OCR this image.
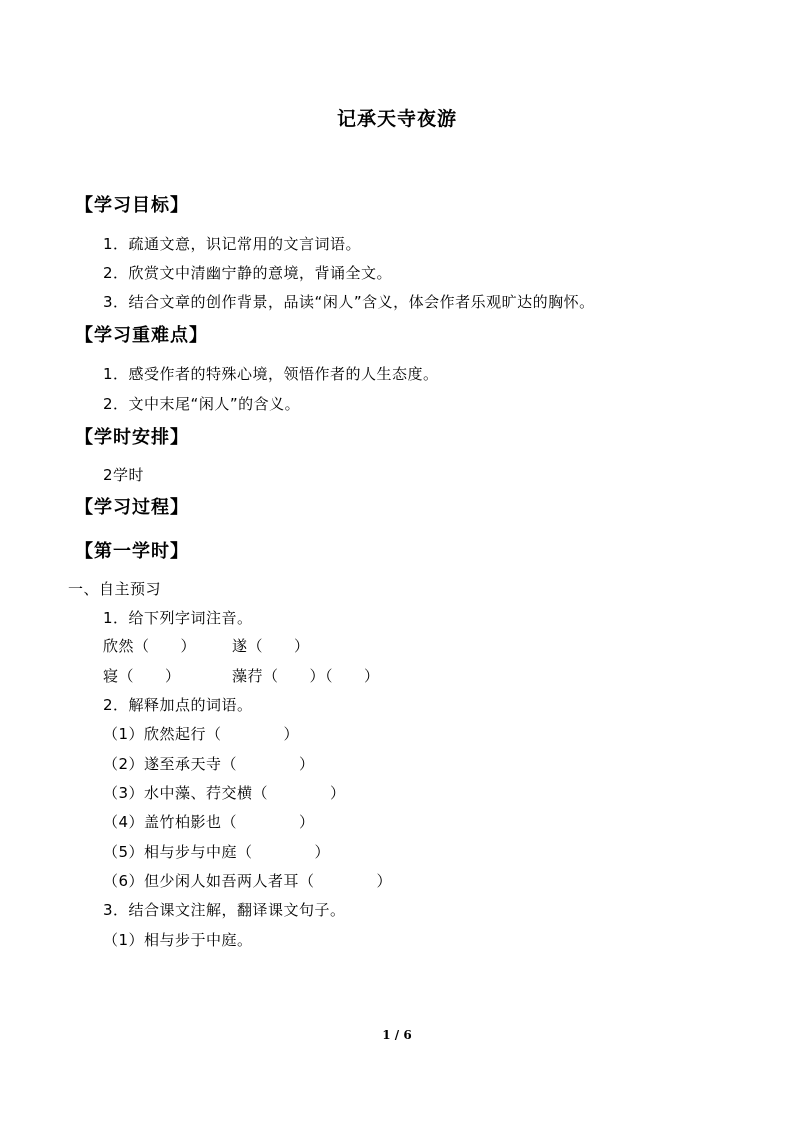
记承天寺夜游
【学习目标】
1．疏通文意，识记常用的文言词语。
2．欣赏文中清幽宁静的意境，背诵全文。
3．结合文章的创作背景，品读“闲人”含义，体会作者乐观旷达的胸怀。
【学习重难点】
1．感受作者的特殊心境，领悟作者的人生态度。
2．文中末尾“闲人”的含义。
【学时安排】
2学时
【学习过程】
【第一学时】
一、自主预习
1．给下列字词注音。
欣然（　　） 遂（　　）
寝（　　）	藻荇（　　）（　　）
2．解释加点的词语。
（1）欣然起行（　　　　）
（2）遂至承天寺（　　　　）
（3）水中藻、荇交横（　　　　）
（4）盖竹柏影也（　　　　）
（5）相与步与中庭（　　　　）
（6）但少闲人如吾两人者耳（　　　　）
3．结合课文注解，翻译课文句子。
（1）相与步于中庭。
1 / 6
